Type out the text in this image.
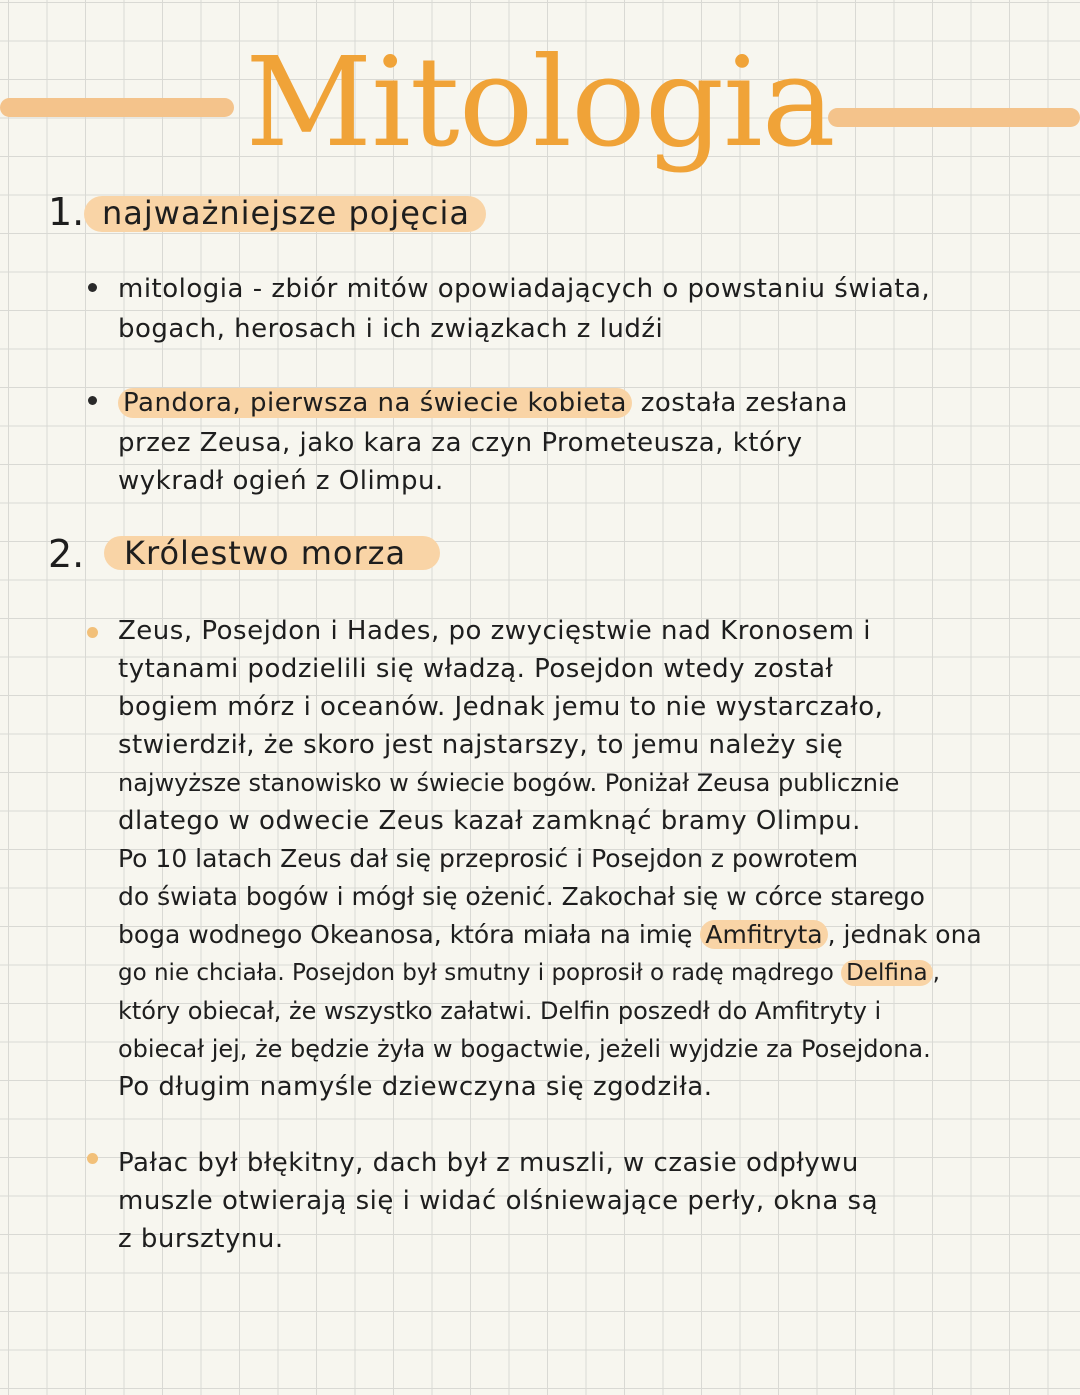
Mitologia
1. najważniejsze pojęcia
mitologia - zbiór mitów opowiadających o powstaniu świata,
bogach, herosach i ich związkach z ludźi
Pandora, pierwsza na świecie kobieta została zesłana
przez Zeusa, jako kara za czyn Prometeusza, który
wykradł ogień z Olimpu.
2. Królestwo morza
Zeus, Posejdon i Hades, po zwycięstwie nad Kronosem i
tytanami podzielili się władzą. Posejdon wtedy został
bogiem mórz i oceanów. Jednak jemu to nie wystarczało,
stwierdził, że skoro jest najstarszy, to jemu należy się
najwyższe stanowisko w świecie bogów. Poniżał Zeusa publicznie
dlatego w odwecie Zeus kazał zamknąć bramy Olimpu.
Po 10 latach Zeus dał się przeprosić i Posejdon z powrotem
do świata bogów i mógł się ożenić. Zakochał się w córce starego
boga wodnego Okeanosa, która miała na imię Amfitryta , jednak ona
go nie chciała. Posejdon był smutny i poprosił o radę mądrego Delfina ,
który obiecał, że wszystko załatwi. Delfin poszedł do Amfitryty i
obiecał jej, że będzie żyła w bogactwie, jeżeli wyjdzie za Posejdona.
Po długim namyśle dziewczyna się zgodziła.
Pałac był błękitny, dach był z muszli, w czasie odpływu
muszle otwierają się i widać olśniewające perły, okna są
z bursztynu.
